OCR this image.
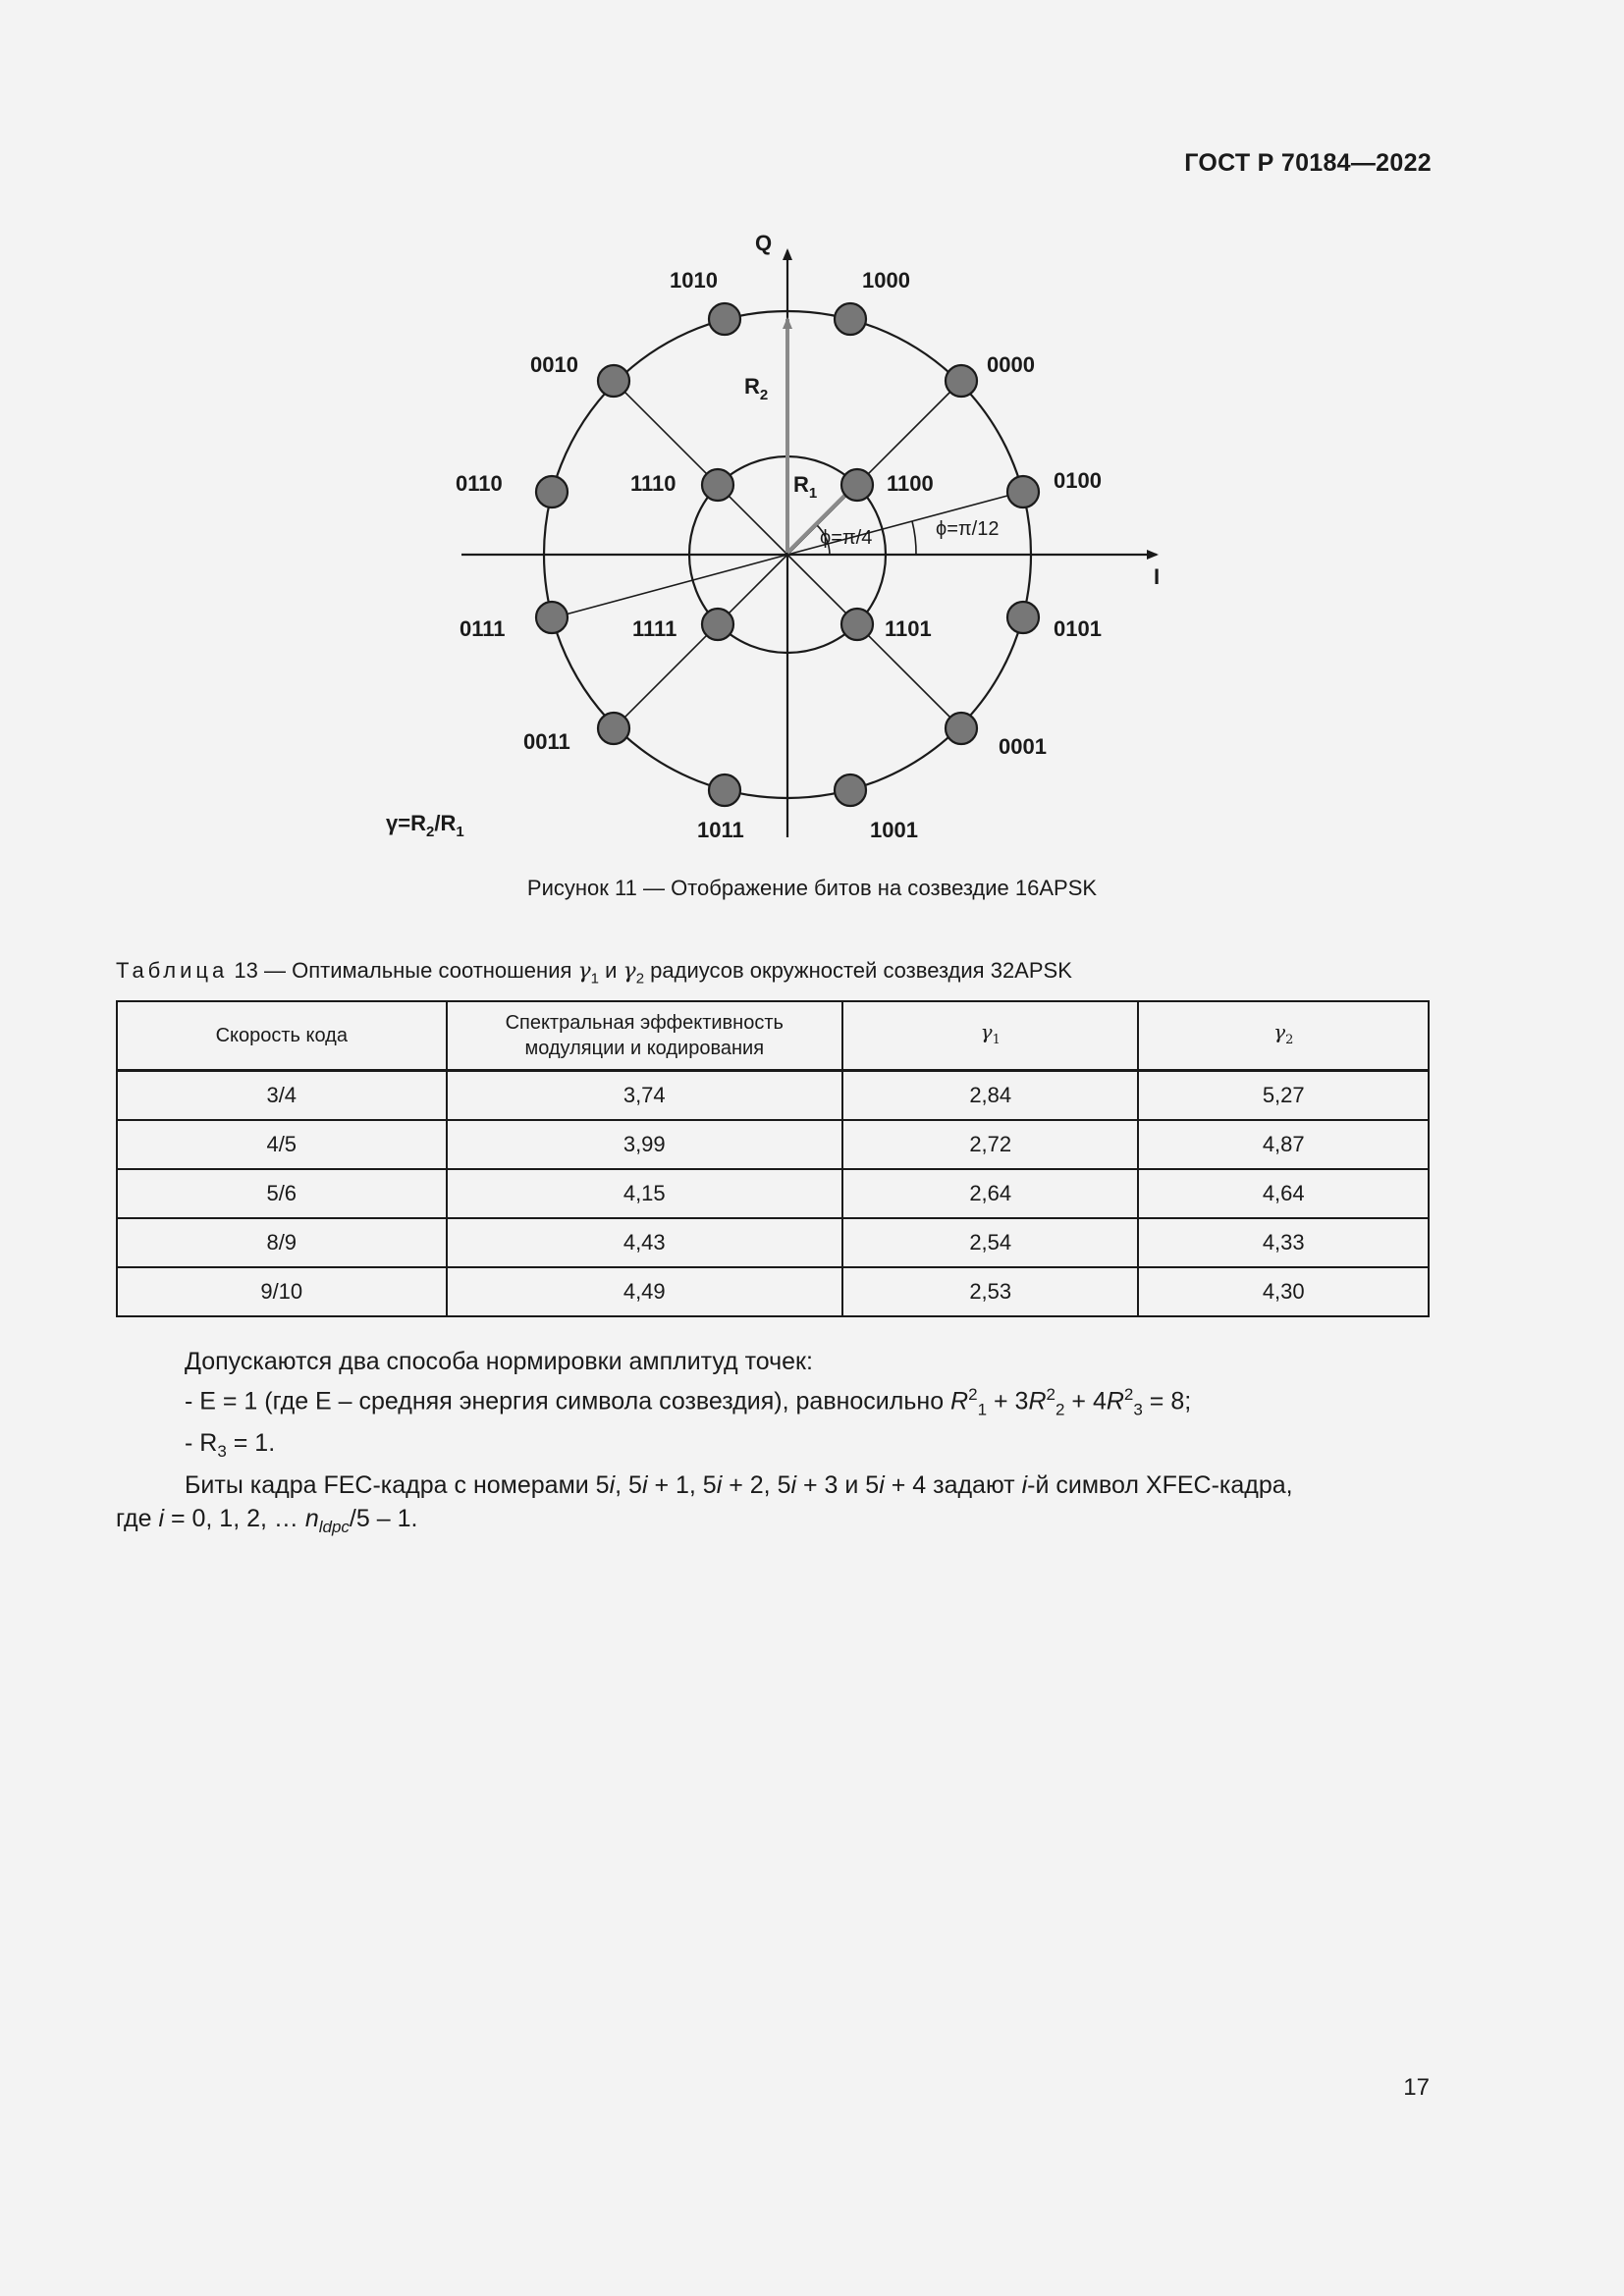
ГОСТ Р 70184—2022
Q
I
$R_2$
$R_1$
ϕ=π/4	ϕ=π/12
1010	1000
0010	0000
0110	1110	1100	0100
0111	1111	1101	0101
0011	0001
1011	1001
$\gamma=R_2/R_1$
Рисунок 11 — Отображение битов на созвездие 16APSK
Таблица 13 — Оптимальные соотношения $\gamma_1$ и $\gamma_2$ радиусов окружностей созвездия 32APSK
Скорость кода	Спектральная эффективность
модуляции и кодирования	$\gamma_1$	$\gamma_2$
3/4	3,74	2,84	5,27
4/5	3,99	2,72	4,87
5/6	4,15	2,64	4,64
8/9	4,43	2,54	4,33
9/10	4,49	2,53	4,30

Допускаются два способа нормировки амплитуд точек:

- E = 1 (где E – средняя энергия символа созвездия), равносильно $R^2_1 + 3R^2_2 + 4R^2_3 = 8$;

- $R_3 = 1$.

Биты кадра FEC-кадра с номерами 5i, 5i + 1, 5i + 2, 5i + 3 и 5i + 4 задают i-й символ XFEC-кадра,

где i = 0, 1, 2, … $n_{ldpc}/5 - 1$.

17
